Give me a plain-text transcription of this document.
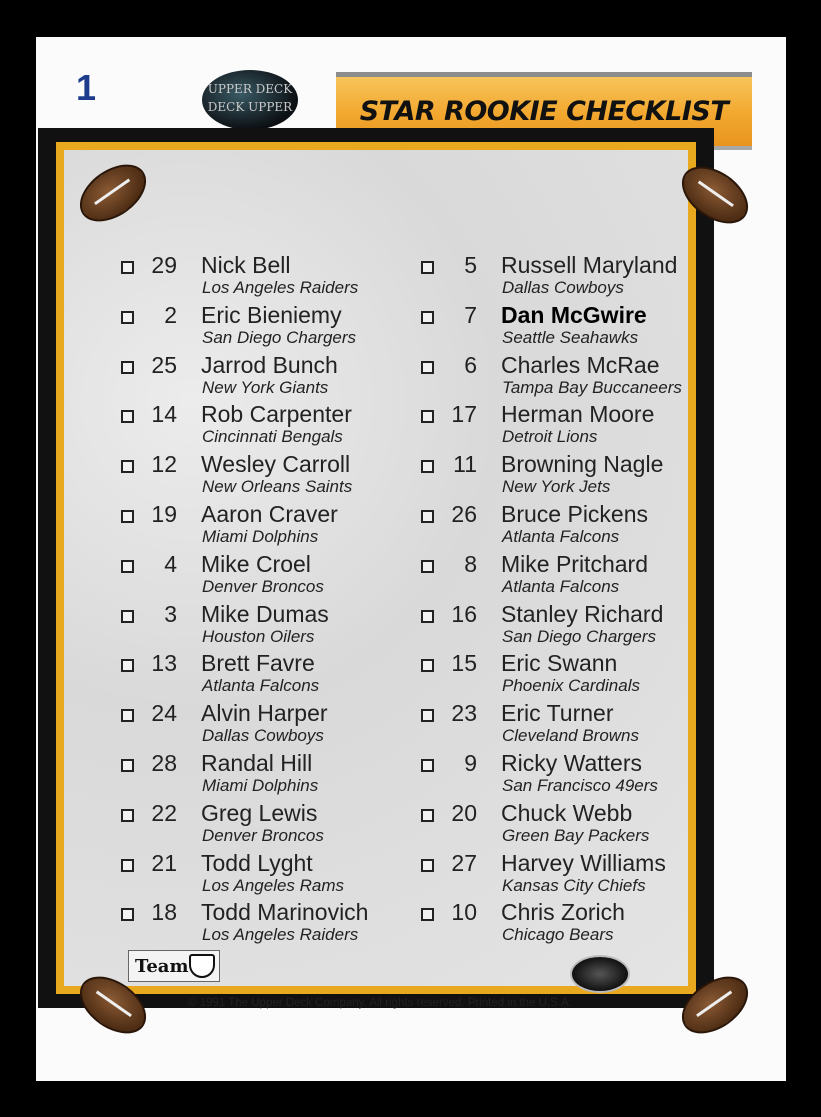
1	UPPER DECK
DECK UPPER	STAR ROOKIE CHECKLIST
29 Nick Bell
Los Angeles Raiders
2 Eric Bieniemy
San Diego Chargers
25 Jarrod Bunch
New York Giants
14 Rob Carpenter
Cincinnati Bengals
12 Wesley Carroll
New Orleans Saints
19 Aaron Craver
Miami Dolphins
4 Mike Croel
Denver Broncos
3 Mike Dumas
Houston Oilers
13 Brett Favre
Atlanta Falcons
24 Alvin Harper
Dallas Cowboys
28 Randal Hill
Miami Dolphins
22 Greg Lewis
Denver Broncos
21 Todd Lyght
Los Angeles Rams
18 Todd Marinovich
Los Angeles Raiders
5 Russell Maryland
Dallas Cowboys
7 Dan McGwire
Seattle Seahawks
6 Charles McRae
Tampa Bay Buccaneers
17 Herman Moore
Detroit Lions
11 Browning Nagle
New York Jets
26 Bruce Pickens
Atlanta Falcons
8 Mike Pritchard
Atlanta Falcons
16 Stanley Richard
San Diego Chargers
15 Eric Swann
Phoenix Cardinals
23 Eric Turner
Cleveland Browns
9 Ricky Watters
San Francisco 49ers
20 Chuck Webb
Green Bay Packers
27 Harvey Williams
Kansas City Chiefs
10 Chris Zorich
Chicago Bears
Team
© 1991 The Upper Deck Company. All rights reserved. Printed in the U.S.A.
